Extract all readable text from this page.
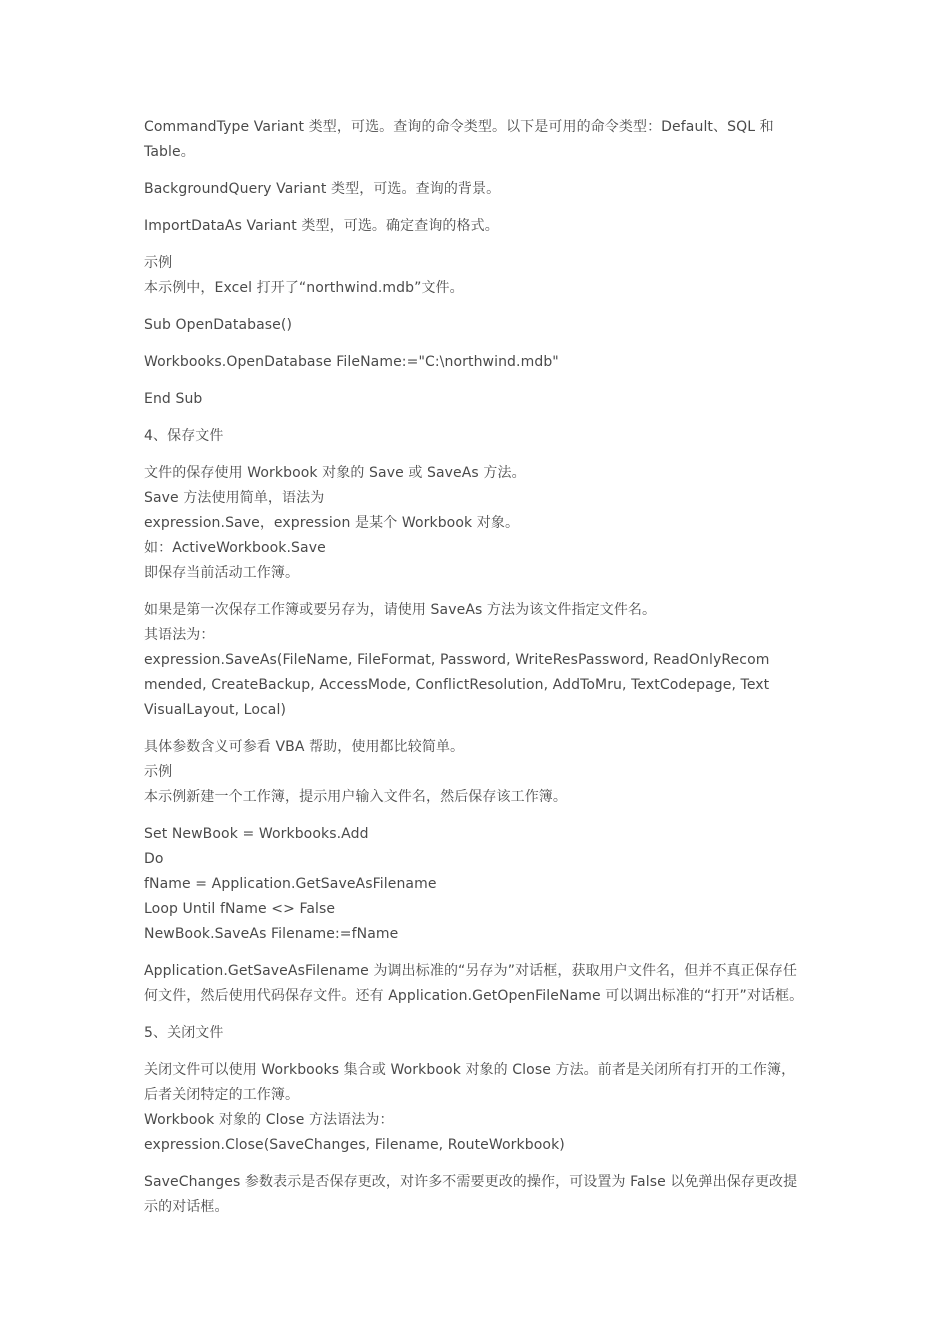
CommandType Variant 类型，可选。查询的命令类型。以下是可用的命令类型：Default、SQL 和
Table。
BackgroundQuery Variant 类型，可选。查询的背景。
ImportDataAs Variant 类型，可选。确定查询的格式。
示例
本示例中，Excel 打开了“northwind.mdb”文件。
Sub OpenDatabase()
Workbooks.OpenDatabase FileName:="C:\northwind.mdb"
End Sub
4、保存文件
文件的保存使用 Workbook 对象的 Save 或 SaveAs 方法。
Save 方法使用简单，语法为
expression.Save，expression 是某个 Workbook 对象。
如：ActiveWorkbook.Save
即保存当前活动工作簿。
如果是第一次保存工作簿或要另存为，请使用 SaveAs 方法为该文件指定文件名。
其语法为：
expression.SaveAs(FileName, FileFormat, Password, WriteResPassword, ReadOnlyRecom
mended, CreateBackup, AccessMode, ConflictResolution, AddToMru, TextCodepage, Text
VisualLayout, Local)
具体参数含义可参看 VBA 帮助，使用都比较简单。
示例
本示例新建一个工作簿，提示用户输入文件名，然后保存该工作簿。
Set NewBook = Workbooks.Add
Do
fName = Application.GetSaveAsFilename
Loop Until fName <> False
NewBook.SaveAs Filename:=fName
Application.GetSaveAsFilename 为调出标准的“另存为”对话框，获取用户文件名，但并不真正保存任
何文件，然后使用代码保存文件。还有 Application.GetOpenFileName 可以调出标准的“打开”对话框。
5、关闭文件
关闭文件可以使用 Workbooks 集合或 Workbook 对象的 Close 方法。前者是关闭所有打开的工作簿，
后者关闭特定的工作簿。
Workbook 对象的 Close 方法语法为：
expression.Close(SaveChanges, Filename, RouteWorkbook)
SaveChanges 参数表示是否保存更改，对许多不需要更改的操作，可设置为 False 以免弹出保存更改提
示的对话框。
